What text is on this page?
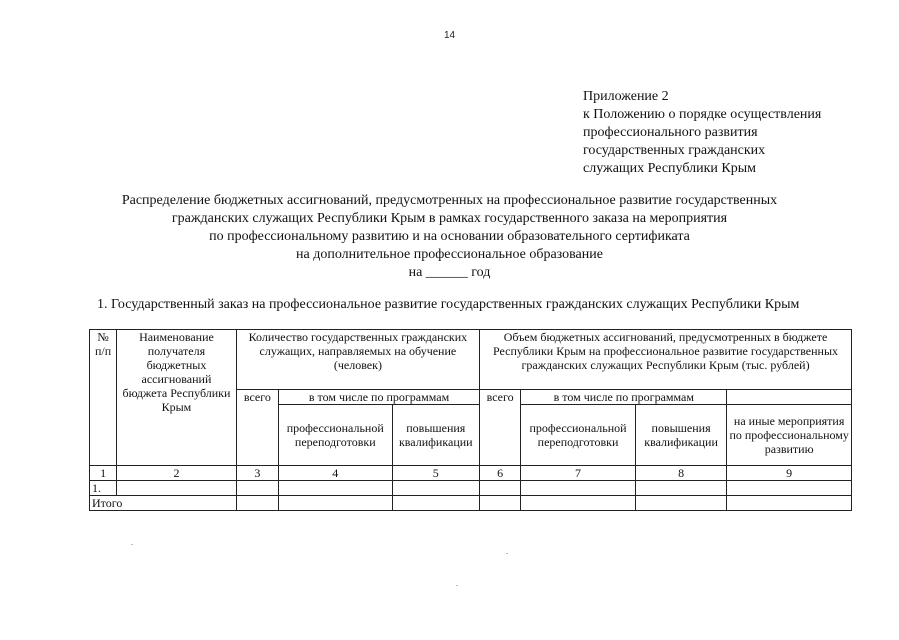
14
Приложение 2
к Положению о порядке осуществления
профессионального развития
государственных гражданских
служащих Республики Крым
Распределение бюджетных ассигнований, предусмотренных на профессиональное развитие государственных
гражданских служащих Республики Крым в рамках государственного заказа на мероприятия
по профессиональному развитию и на основании образовательного сертификата
на дополнительное профессиональное образование
на ______ год
1. Государственный заказ на профессиональное развитие государственных гражданских служащих Республики Крым
№ п/п	Наименование получателя бюджетных ассигнований бюджета Республики Крым	Количество государственных гражданских служащих, направляемых на обучение (человек)			Объем бюджетных ассигнований, предусмотренных в бюджете Республики Крым на профессиональное развитие государственных гражданских служащих Республики Крым (тыс. рублей)			
		всего	в том числе по программам		всего	в том числе по программам		
			профессиональной переподготовки	повышения квалификации		профессиональной переподготовки	повышения квалификации	на иные мероприятия по профессиональному развитию
1	2	3	4	5	6	7	8	9
1.								
Итого								
